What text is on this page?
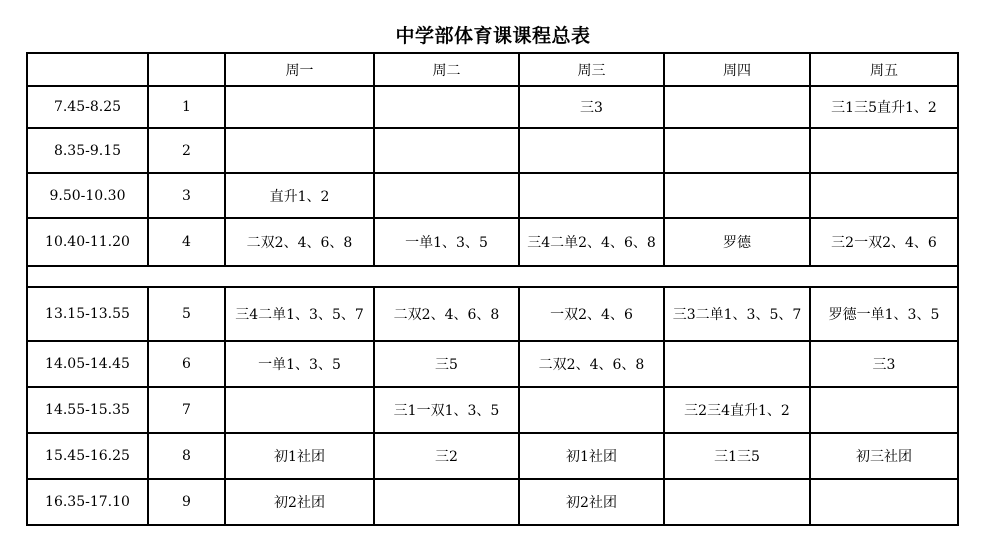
中学部体育课课程总表
		周一	周二	周三	周四	周五
7.45-8.25	1			三3		三1三5直升1、2
8.35-9.15	2					
9.50-10.30	3	直升1、2				
10.40-11.20	4	二双2、4、6、8	一单1、3、5	三4二单2、4、6、8	罗德	三2一双2、4、6

13.15-13.55	5	三4二单1、3、5、7	二双2、4、6、8	一双2、4、6	三3二单1、3、5、7	罗德一单1、3、5
14.05-14.45	6	一单1、3、5	三5	二双2、4、6、8		三3
14.55-15.35	7		三1一双1、3、5		三2三4直升1、2	
15.45-16.25	8	初1社团	三2	初1社团	三1三5	初三社团
16.35-17.10	9	初2社团		初2社团		
